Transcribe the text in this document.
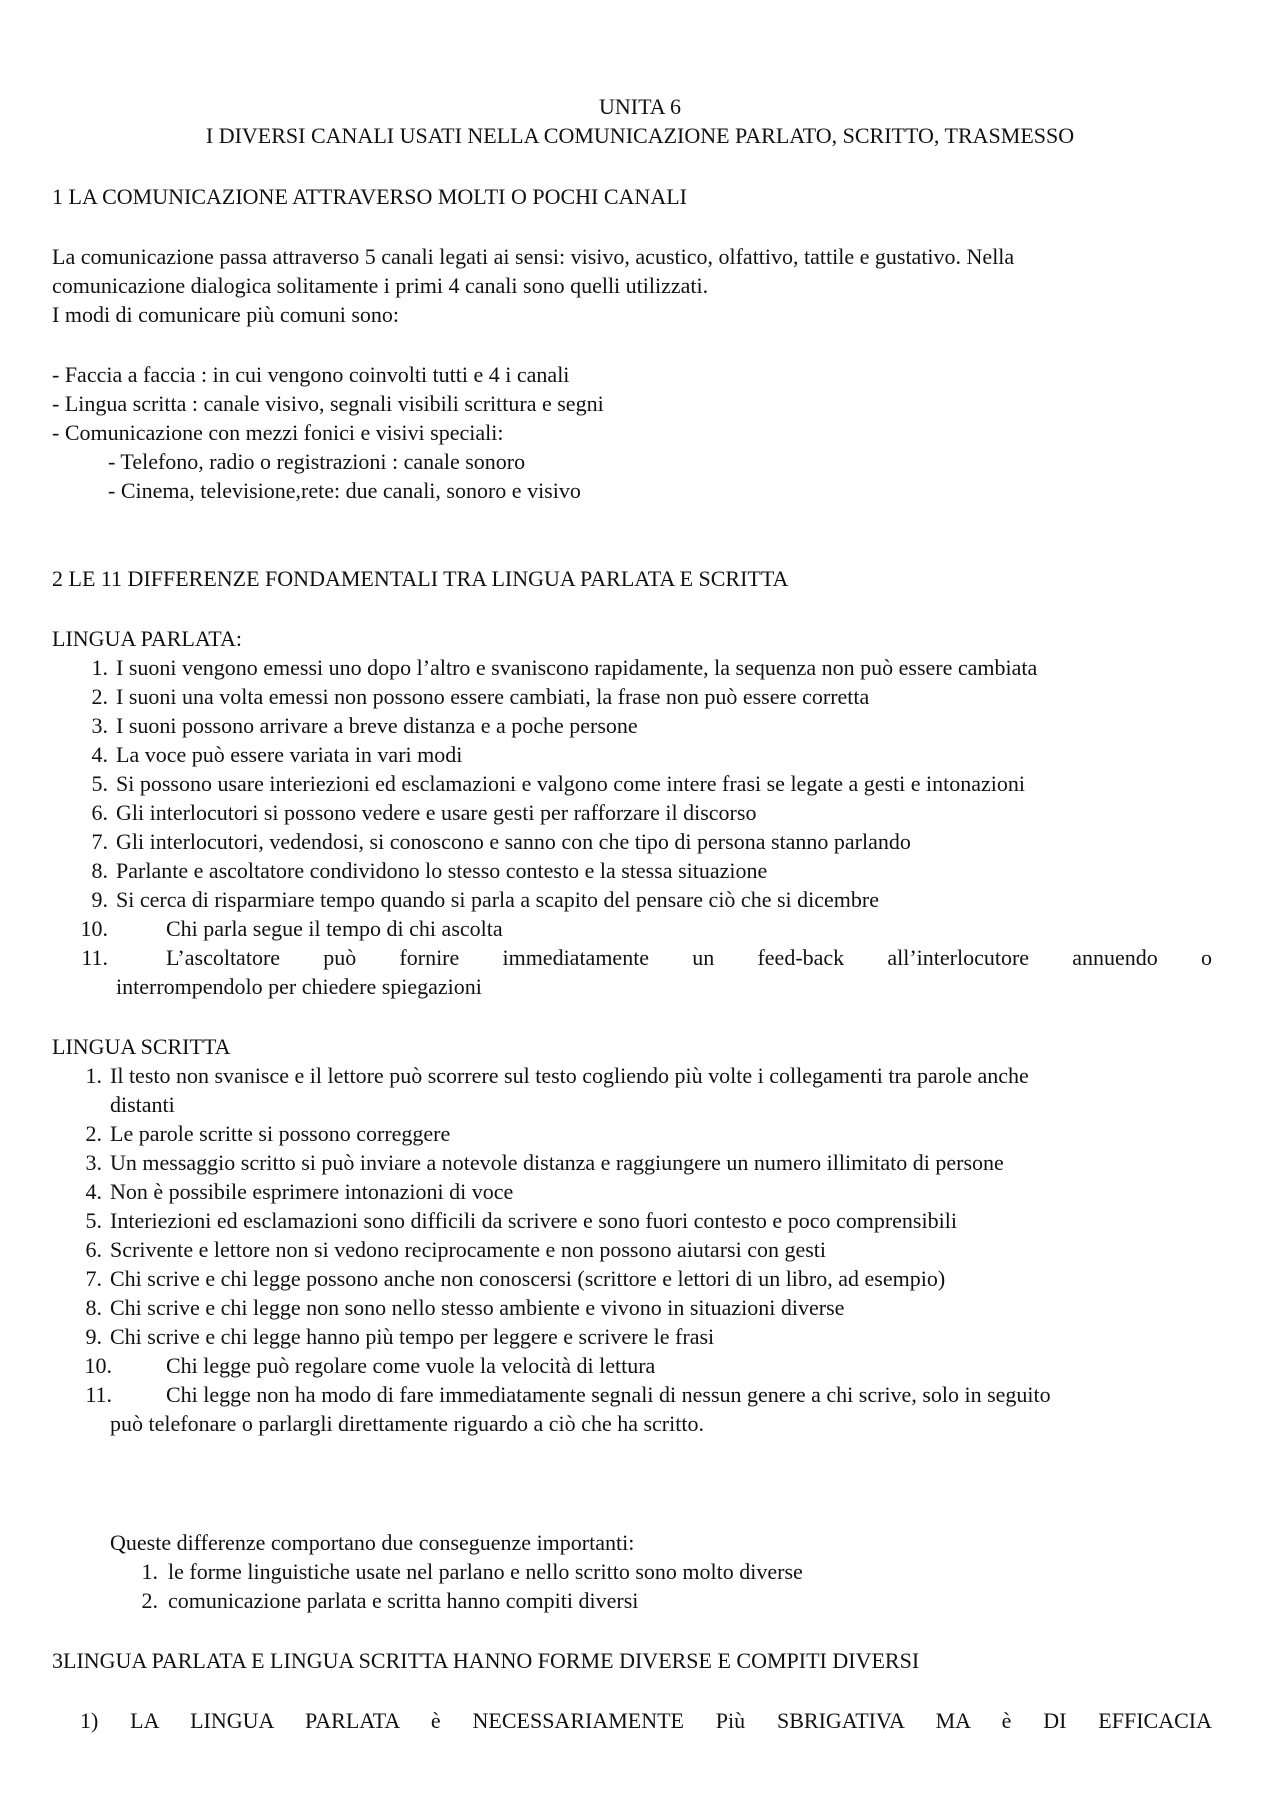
UNITA 6
I DIVERSI CANALI USATI NELLA COMUNICAZIONE PARLATO, SCRITTO, TRASMESSO
1 LA COMUNICAZIONE ATTRAVERSO MOLTI O POCHI CANALI
La comunicazione passa attraverso 5 canali legati ai sensi: visivo, acustico, olfattivo, tattile e gustativo. Nella
comunicazione dialogica solitamente i primi 4 canali sono quelli utilizzati.
I modi di comunicare più comuni sono:
- Faccia a faccia : in cui vengono coinvolti tutti e 4 i canali
- Lingua scritta : canale visivo, segnali visibili scrittura e segni
- Comunicazione con mezzi fonici e visivi speciali:
- Telefono, radio o registrazioni : canale sonoro
- Cinema, televisione,rete: due canali, sonoro e visivo
2 LE 11 DIFFERENZE FONDAMENTALI TRA LINGUA PARLATA E SCRITTA
LINGUA PARLATA:
1. I suoni vengono emessi uno dopo l’altro e svaniscono rapidamente, la sequenza non può essere cambiata
2. I suoni una volta emessi non possono essere cambiati, la frase non può essere corretta
3. I suoni possono arrivare a breve distanza e a poche persone
4. La voce può essere variata in vari modi
5. Si possono usare interiezioni ed esclamazioni e valgono come intere frasi se legate a gesti e intonazioni
6. Gli interlocutori si possono vedere e usare gesti per rafforzare il discorso
7. Gli interlocutori, vedendosi, si conoscono e sanno con che tipo di persona stanno parlando
8. Parlante e ascoltatore condividono lo stesso contesto e la stessa situazione
9. Si cerca di risparmiare tempo quando si parla a scapito del pensare ciò che si dicembre
10.	Chi parla segue il tempo di chi ascolta
11.	L’ascoltatore può fornire immediatamente un feed-back all’interlocutore annuendo o
interrompendolo per chiedere spiegazioni
LINGUA SCRITTA
1. Il testo non svanisce e il lettore può scorrere sul testo cogliendo più volte i collegamenti tra parole anche
distanti
2. Le parole scritte si possono correggere
3. Un messaggio scritto si può inviare a notevole distanza e raggiungere un numero illimitato di persone
4. Non è possibile esprimere intonazioni di voce
5. Interiezioni ed esclamazioni sono difficili da scrivere e sono fuori contesto e poco comprensibili
6. Scrivente e lettore non si vedono reciprocamente e non possono aiutarsi con gesti
7. Chi scrive e chi legge possono anche non conoscersi (scrittore e lettori di un libro, ad esempio)
8. Chi scrive e chi legge non sono nello stesso ambiente e vivono in situazioni diverse
9. Chi scrive e chi legge hanno più tempo per leggere e scrivere le frasi
10. Chi legge può regolare come vuole la velocità di lettura
11. Chi legge non ha modo di fare immediatamente segnali di nessun genere a chi scrive, solo in seguito
può telefonare o parlargli direttamente riguardo a ciò che ha scritto.
Queste differenze comportano due conseguenze importanti:
1. le forme linguistiche usate nel parlano e nello scritto sono molto diverse
2. comunicazione parlata e scritta hanno compiti diversi
3LINGUA PARLATA E LINGUA SCRITTA HANNO FORME DIVERSE E COMPITI DIVERSI
1) LA LINGUA PARLATA è NECESSARIAMENTE Più SBRIGATIVA MA è DI EFFICACIA
